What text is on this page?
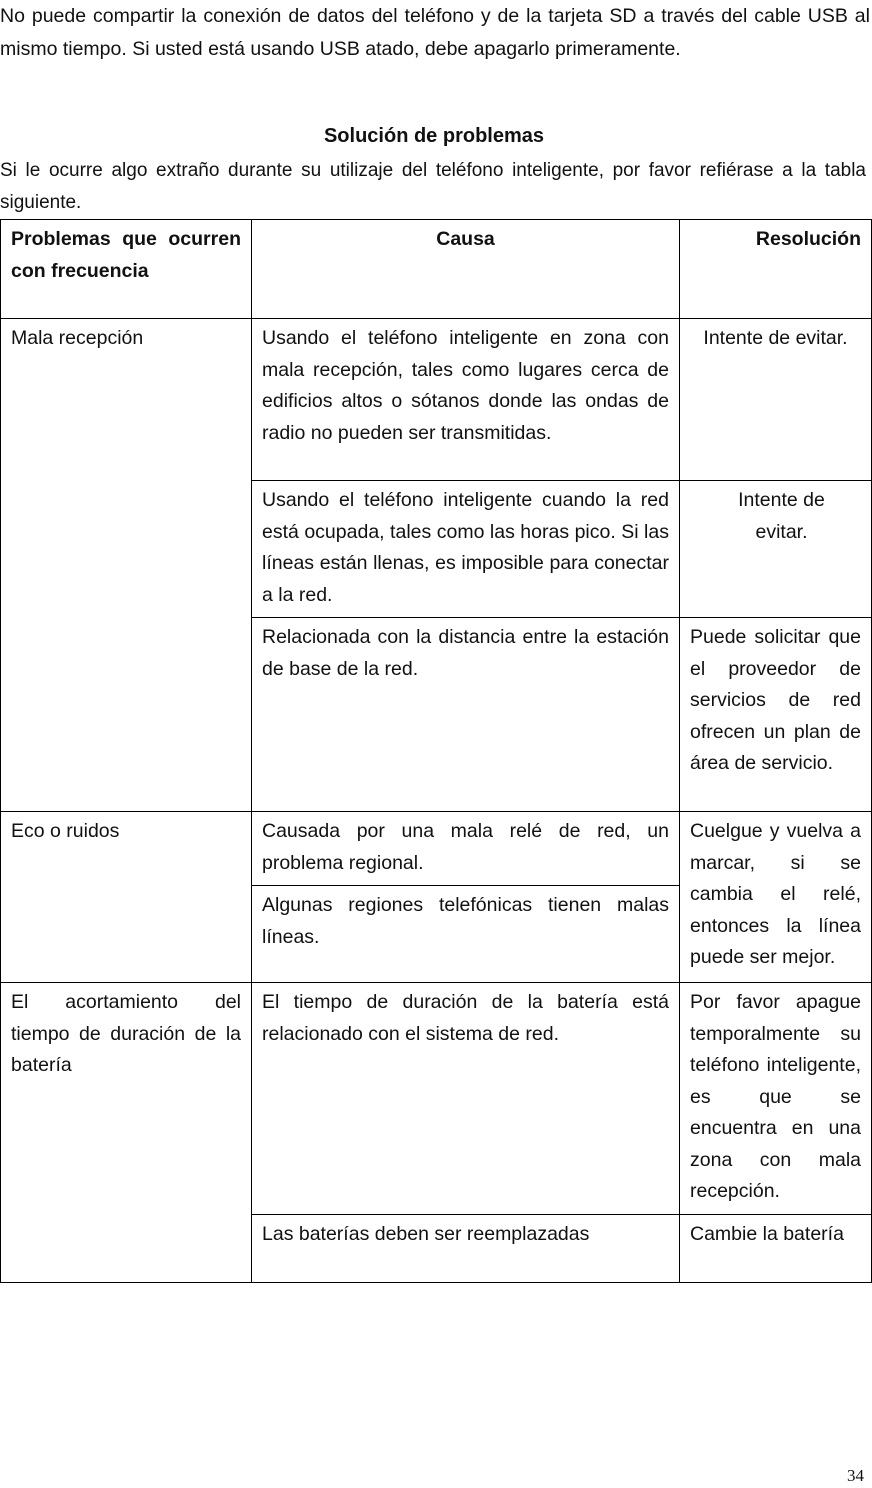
No puede compartir la conexión de datos del teléfono y de la tarjeta SD a través del cable USB al mismo tiempo. Si usted está usando USB atado, debe apagarlo primeramente.

Solución de problemas

Si le ocurre algo extraño durante su utilizaje del teléfono inteligente, por favor refiérase a la tabla siguiente.

Problemas que ocurren con frecuencia	Causa	Resolución
Mala recepción	Usando el teléfono inteligente en zona con mala recepción, tales como lugares cerca de edificios altos o sótanos donde las ondas de radio no pueden ser transmitidas.	Intente de evitar.
	Usando el teléfono inteligente cuando la red está ocupada, tales como las horas pico. Si las líneas están llenas, es imposible para conectar a la red.	Intente de evitar.
	Relacionada con la distancia entre la estación de base de la red.	Puede solicitar que el proveedor de servicios de red ofrecen un plan de área de servicio.
Eco o ruidos	Causada por una mala relé de red, un problema regional.	Cuelgue y vuelva a marcar, si se cambia el relé, entonces la línea puede ser mejor.
	Algunas regiones telefónicas tienen malas líneas.	
El acortamiento del tiempo de duración de la batería	El tiempo de duración de la batería está relacionado con el sistema de red.	Por favor apague temporalmente su teléfono inteligente, es que se encuentra en una zona con mala recepción.
	Las baterías deben ser reemplazadas	Cambie la batería
34
